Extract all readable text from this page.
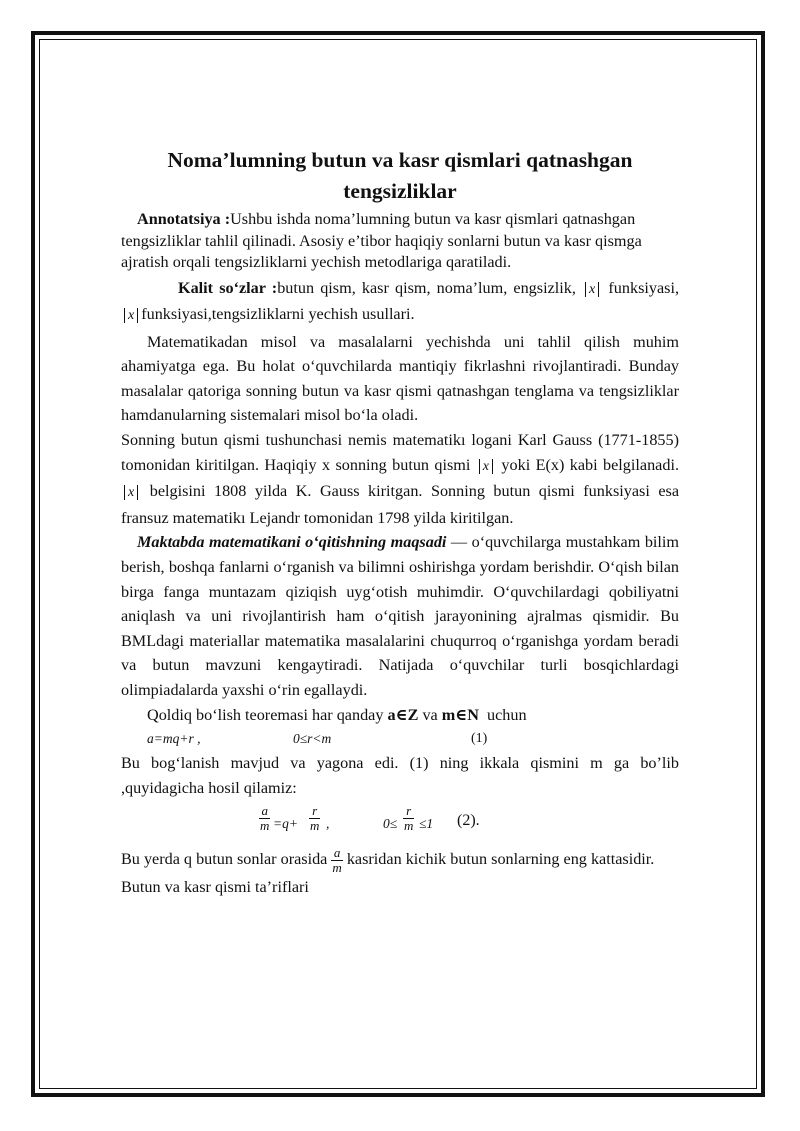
Noma’lumning butun va kasr qismlari qatnashgan tengsizliklar

Annotatsiya :Ushbu ishda noma’lumning butun va kasr qismlari qatnashgan tengsizliklar tahlil qilinadi. Asosiy e’tibor haqiqiy sonlarni butun va kasr qismga ajratish orqali tengsizliklarni yechish metodlariga qaratiladi.

Kalit so‘zlar :butun qism, kasr qism, noma’lum, engsizlik, x funksiyasi, x funksiyasi,tengsizliklarni yechish usullari.

Matematikadan misol va masalalarni yechishda uni tahlil qilish muhim ahamiyatga ega. Bu holat o‘quvchilarda mantiqiy fikrlashni rivojlantiradi. Bunday masalalar qatoriga sonning butun va kasr qismi qatnashgan tenglama va tengsizliklar hamdanularning sistemalari misol bo‘la oladi.

Sonning butun qismi tushunchasi nemis matematikı logani Karl Gauss (1771-1855) tomonidan kiritilgan. Haqiqiy x sonning butun qismi x yoki E(x) kabi belgilanadi. x belgisini 1808 yilda K. Gauss kiritgan. Sonning butun qismi funksiyasi esa fransuz matematikı Lejandr tomonidan 1798 yilda kiritilgan.

Maktabda matematikani o‘qitishning maqsadi — o‘quvchilarga mustahkam bilim berish, boshqa fanlarni o‘rganish va bilimni oshirishga yordam berishdir. O‘qish bilan birga fanga muntazam qiziqish uyg‘otish muhimdir. O‘quvchilardagi qobiliyatni aniqlash va uni rivojlantirish ham o‘qitish jarayonining ajralmas qismidir. Bu BMLdagi materiallar matematika masalalarini chuqurroq o‘rganishga yordam beradi va butun mavzuni kengaytiradi. Natijada o‘quvchilar turli bosqichlardagi olimpiadalarda yaxshi o‘rin egallaydi.

Qoldiq bo‘lish teoremasi har qanday a∈Z va m∈N uchun

a=mq+r ,	0≤r<m	(1)

Bu bog‘lanish mavjud va yagona edi. (1) ning ikkala qismini m ga bo’lib ,quyidagicha hosil qilamiz:

$\frac{a}{m} =q+ \frac{r}{m}$ ,	$0\le \frac{r}{m} \le 1$ (2).

Bu yerda q butun sonlar orasida $\frac{a}{m}$ kasridan kichik butun sonlarning eng kattasidir.

Butun va kasr qismi ta’riflari
